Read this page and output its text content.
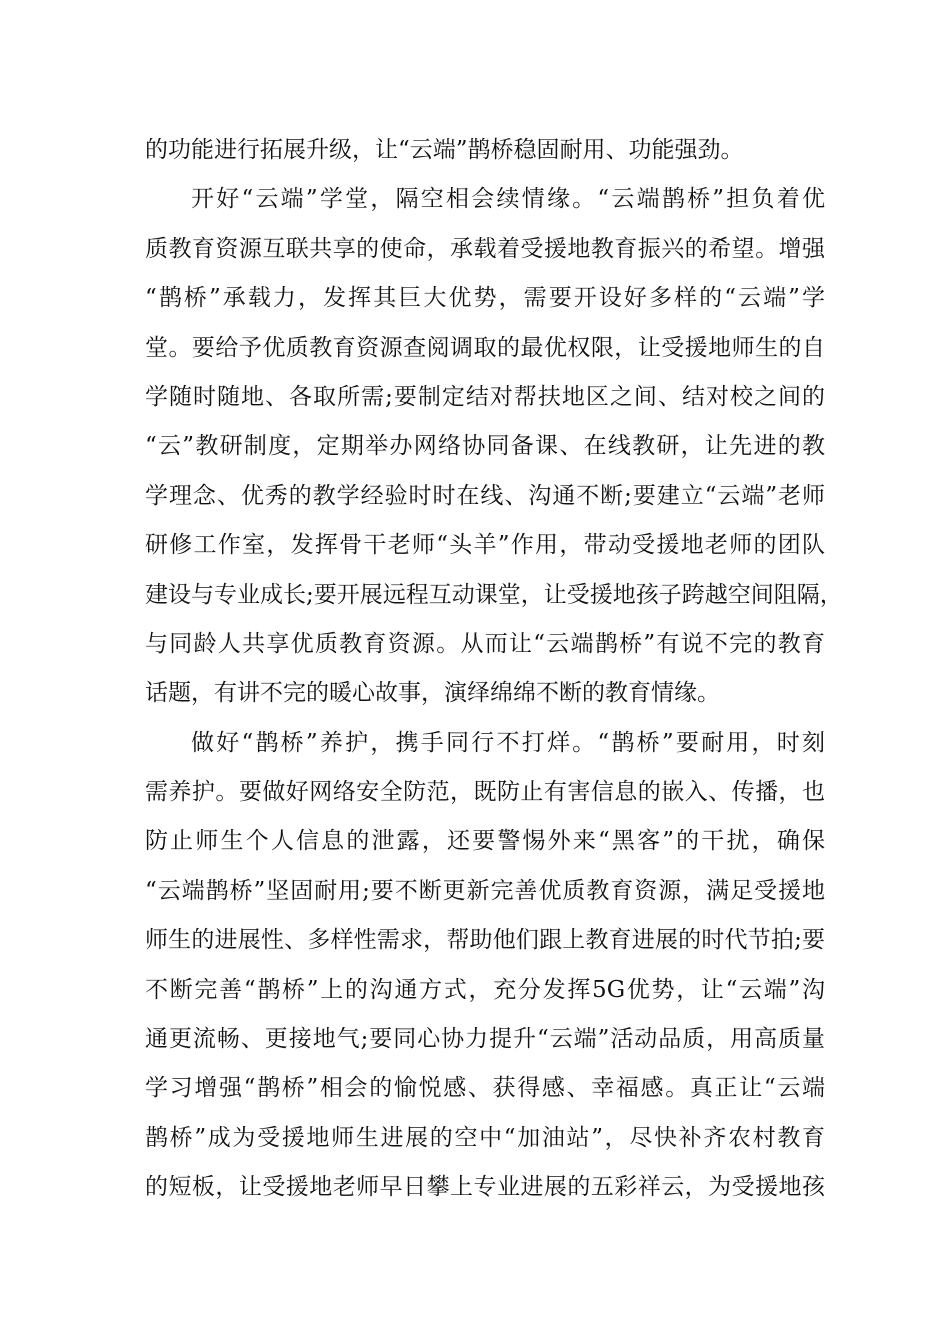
的功能进行拓展升级，让“云端”鹊桥稳固耐用、功能强劲。
开好“云端”学堂，隔空相会续情缘。“云端鹊桥”担负着优
质教育资源互联共享的使命，承载着受援地教育振兴的希望。增强
“鹊桥”承载力，发挥其巨大优势，需要开设好多样的“云端”学
堂。要给予优质教育资源查阅调取的最优权限，让受援地师生的自
学随时随地、各取所需;要制定结对帮扶地区之间、结对校之间的
“云”教研制度，定期举办网络协同备课、在线教研，让先进的教
学理念、优秀的教学经验时时在线、沟通不断;要建立“云端”老师
研修工作室，发挥骨干老师“头羊”作用，带动受援地老师的团队
建设与专业成长;要开展远程互动课堂，让受援地孩子跨越空间阻隔，
与同龄人共享优质教育资源。从而让“云端鹊桥”有说不完的教育
话题，有讲不完的暖心故事，演绎绵绵不断的教育情缘。
做好“鹊桥”养护，携手同行不打烊。“鹊桥”要耐用，时刻
需养护。要做好网络安全防范，既防止有害信息的嵌入、传播，也
防止师生个人信息的泄露，还要警惕外来“黑客”的干扰，确保
“云端鹊桥”坚固耐用;要不断更新完善优质教育资源，满足受援地
师生的进展性、多样性需求，帮助他们跟上教育进展的时代节拍;要
不断完善“鹊桥”上的沟通方式，充分发挥5G优势，让“云端”沟
通更流畅、更接地气;要同心协力提升“云端”活动品质，用高质量
学习增强“鹊桥”相会的愉悦感、获得感、幸福感。真正让“云端
鹊桥”成为受援地师生进展的空中“加油站”，尽快补齐农村教育
的短板，让受援地老师早日攀上专业进展的五彩祥云，为受援地孩
